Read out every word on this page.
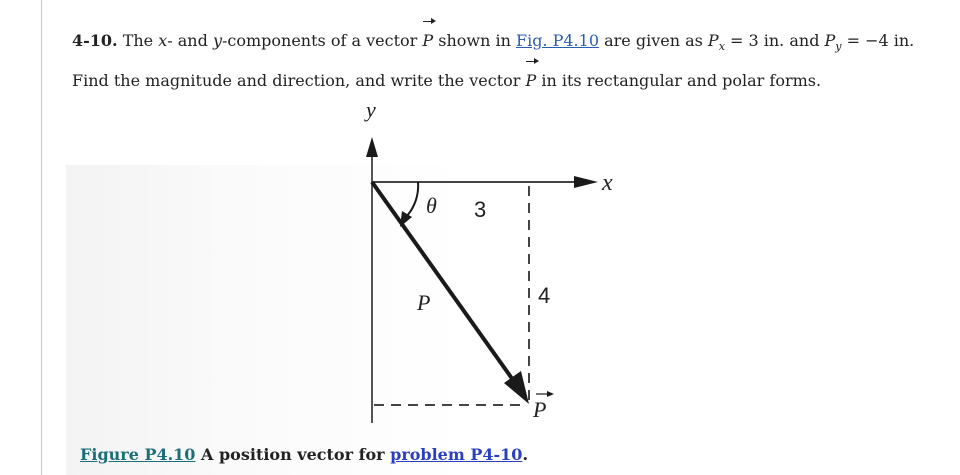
4-10. The x- and y-components of a vector P shown in Fig. P4.10 are given as $P_x = 3$ in. and $P_y = -4$ in.
Find the magnitude and direction, and write the vector P in its rectangular and polar forms.
y
x
θ 3
P	4
P
Figure P4.10 A position vector for problem P4-10.
